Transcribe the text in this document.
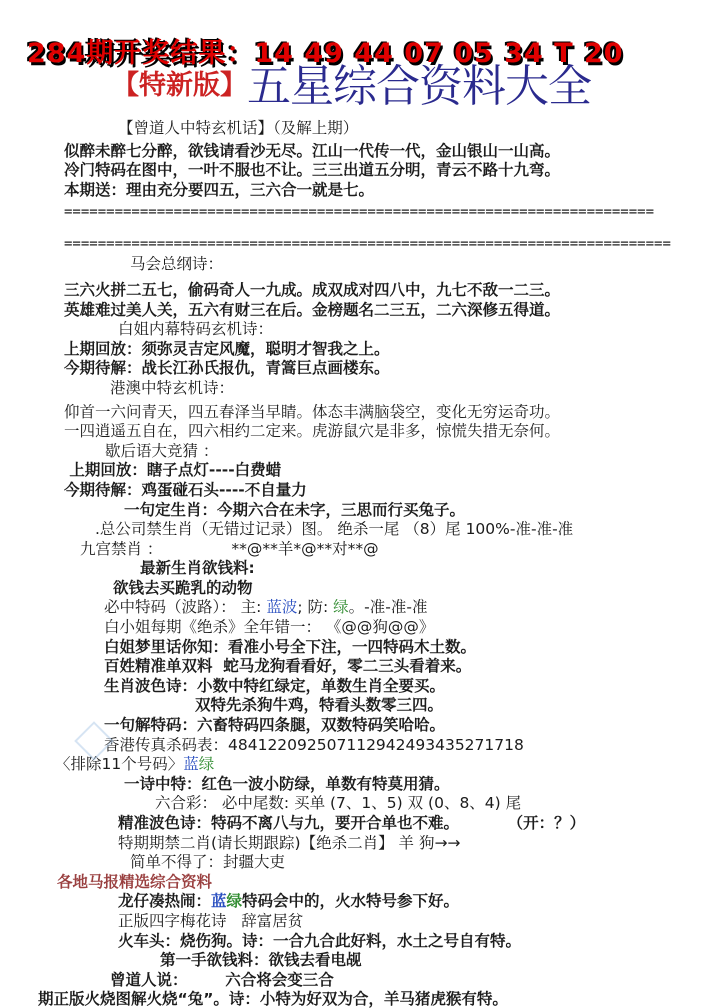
284期开奖结果：14 49 44 07 05 34 T 20
【特新版】五星综合资料大全
【曾道人中特玄机话】（及解上期）
似醉未醉七分醉，欲钱请看沙无尽。江山一代传一代，金山银山一山高。
冷门特码在图中，一叶不服也不让。三三出道五分明，青云不路十九弯。
本期送：理由充分要四五，三六合一就是七。
======================================================================
========================================================================
马会总纲诗：
三六火拼二五七，偷码奇人一九成。成双成对四八中，九七不敌一二三。
英雄难过美人关，五六有财三在后。金榜题名二三五，二六深修五得道。
白姐内幕特码玄机诗：
上期回放：须弥灵吉定风魔，聪明才智我之上。
今期待解：战长江孙氏报仇，青篙巨点画楼东。
港澳中特玄机诗：
仰首一六问青天，四五春泽当早睛。体态丰满脑袋空，变化无穷运奇功。
一四逍遥五自在，四六相约二定来。虎游鼠穴是非多，惊慌失措无奈何。
歇后语大竞猜 ：
上期回放：瞎子点灯----白费蜡
今期待解：鸡蛋碰石头----不自量力
一句定生肖：今期六合在未字，三思而行买兔子。
.总公司禁生肖（无错过记录）图。 绝杀一尾 （8）尾 100%-准-准-准
九宫禁肖 ：              **@**羊*@**对**@
最新生肖欲钱料:
欲钱去买跪乳的动物
必中特码（波路）： 主: 蓝波; 防: 绿。-准-准-准
白小姐每期《绝杀》全年错一： 《@@狗@@》
白姐梦里话你知：看准小号全下注，一四特码木土数。
百姓精准单双料  蛇马龙狗看看好，零二三头看着来。
生肖波色诗：小数中特红绿定，单数生肖全要买。
双特先杀狗牛鸡，特看头数零三四。
一句解特码：六畜特码四条腿，双数特码笑哈哈。
香港传真杀码表：484122092507112942493435271718
〈排除11个号码〉蓝绿
一诗中特：红色一波小防绿，单数有特莫用猜。
六合彩： 必中尾数: 买单 (7、1、5) 双 (0、8、4) 尾
精准波色诗：特码不离八与九，要开合单也不难。         （开：？）
特期期禁二肖(请长期跟踪)【绝杀二肖】 羊 狗→→
简单不得了：封疆大吏
各地马报精选综合资料
龙仔凑热闹：蓝绿特码会中的，火水特号参下好。
正版四字梅花诗   辞富居贫
火车头：烧伤狗。诗：一合九合此好料，水土之号自有特。
第一手欲钱料：欲钱去看电觇
曾道人说：       六合将会变三合
期正版火烧图解火烧“兔”。诗：小特为好双为合，羊马猪虎猴有特。
